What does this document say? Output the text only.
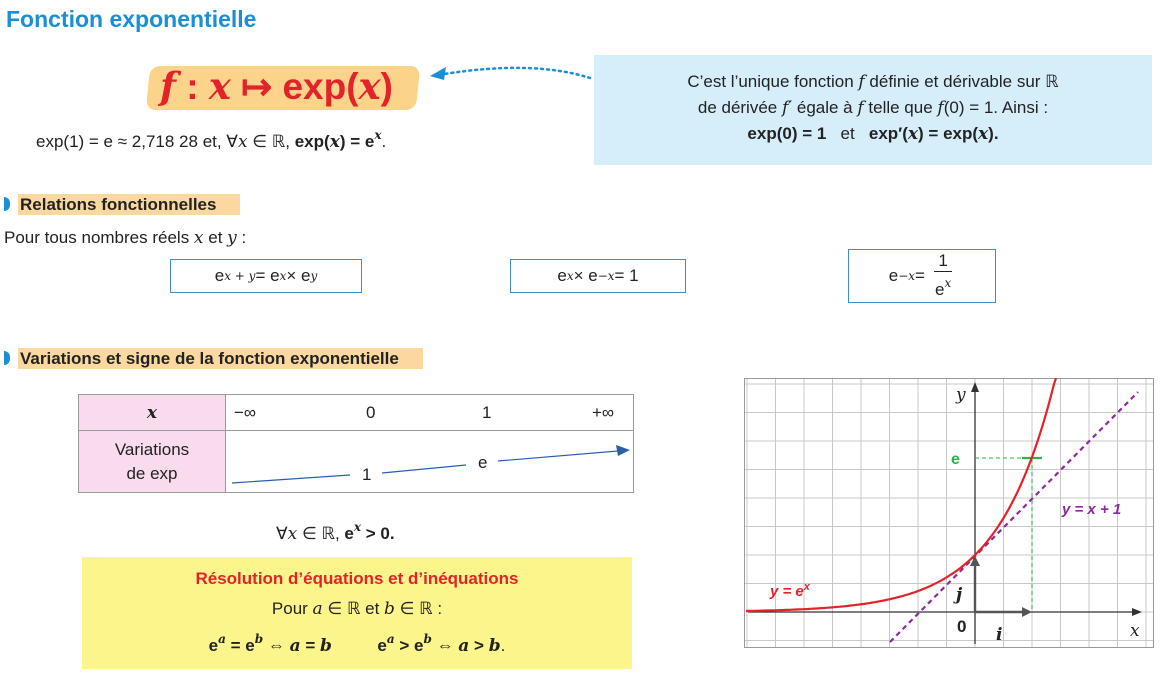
Fonction exponentielle
f : x ↦ exp(x)
exp(1) = e ≈ 2,718 28 et, ∀x ∈ ℝ, $\exp(x) = e^x$.

C’est l’unique fonction f définie et dérivable sur ℝ

de dérivée f′ égale à f telle que f(0) = 1. Ainsi :

exp(0) = 1   et   exp′(x) = exp(x).

Relations fonctionnelles
Pour tous nombres réels x et y :
e x + y = e x × e y	e x × e −x = 1	$e -x = \frac{1}{e^x}$
Variations et signe de la fonction exponentielle
x	−∞ 0 1 +∞

Variations
de exp	1
e
∀x ∈ ℝ, $e^x > 0$.
Résolution d’équations et d’inéquations
Pour a ∈ ℝ et b ∈ ℝ :
$e^a = e^b$ ⇔ a = b	$e^a > e^b$ ⇔ a > b.
y
x
0
e
i
j
$y = e^x$
y = x + 1
